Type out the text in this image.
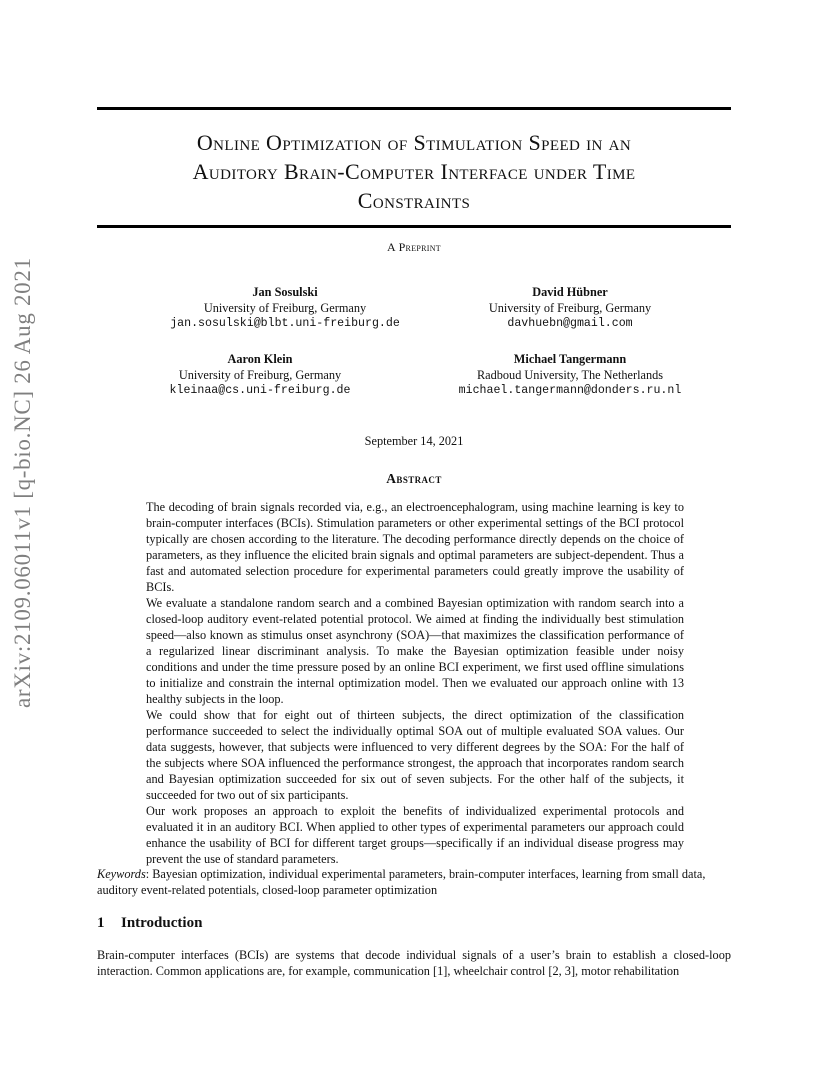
arXiv:2109.06011v1 [q-bio.NC] 26 Aug 2021
Online Optimization of Stimulation Speed in an
Auditory Brain-Computer Interface under Time
Constraints
A Preprint
Jan Sosulski
University of Freiburg, Germany
jan.sosulski@blbt.uni-freiburg.de
David Hübner
University of Freiburg, Germany
davhuebn@gmail.com
Aaron Klein
University of Freiburg, Germany
kleinaa@cs.uni-freiburg.de
Michael Tangermann
Radboud University, The Netherlands
michael.tangermann@donders.ru.nl
September 14, 2021
Abstract

The decoding of brain signals recorded via, e.g., an electroencephalogram, using machine learning is key to brain-computer interfaces (BCIs). Stimulation parameters or other experimental settings of the BCI protocol typically are chosen according to the literature. The decoding performance directly depends on the choice of parameters, as they influence the elicited brain signals and optimal parameters are subject-dependent. Thus a fast and automated selection procedure for experimental parameters could greatly improve the usability of BCIs.

We evaluate a standalone random search and a combined Bayesian optimization with random search into a closed-loop auditory event-related potential protocol. We aimed at finding the individually best stimulation speed—also known as stimulus onset asynchrony (SOA)—that maximizes the classification performance of a regularized linear discriminant analysis. To make the Bayesian optimization feasible under noisy conditions and under the time pressure posed by an online BCI experiment, we first used offline simulations to initialize and constrain the internal optimization model. Then we evaluated our approach online with 13 healthy subjects in the loop.

We could show that for eight out of thirteen subjects, the direct optimization of the classification performance succeeded to select the individually optimal SOA out of multiple evaluated SOA values. Our data suggests, however, that subjects were influenced to very different degrees by the SOA: For the half of the subjects where SOA influenced the performance strongest, the approach that incorporates random search and Bayesian optimization succeeded for six out of seven subjects. For the other half of the subjects, it succeeded for two out of six participants.

Our work proposes an approach to exploit the benefits of individualized experimental protocols and evaluated it in an auditory BCI. When applied to other types of experimental parameters our approach could enhance the usability of BCI for different target groups—specifically if an individual disease progress may prevent the use of standard parameters.

Keywords: Bayesian optimization, individual experimental parameters, brain-computer interfaces, learning from small data, auditory event-related potentials, closed-loop parameter optimization
1 Introduction

Brain-computer interfaces (BCIs) are systems that decode individual signals of a user’s brain to establish a closed-loop interaction. Common applications are, for example, communication [1], wheelchair control [2, 3], motor rehabilitation
